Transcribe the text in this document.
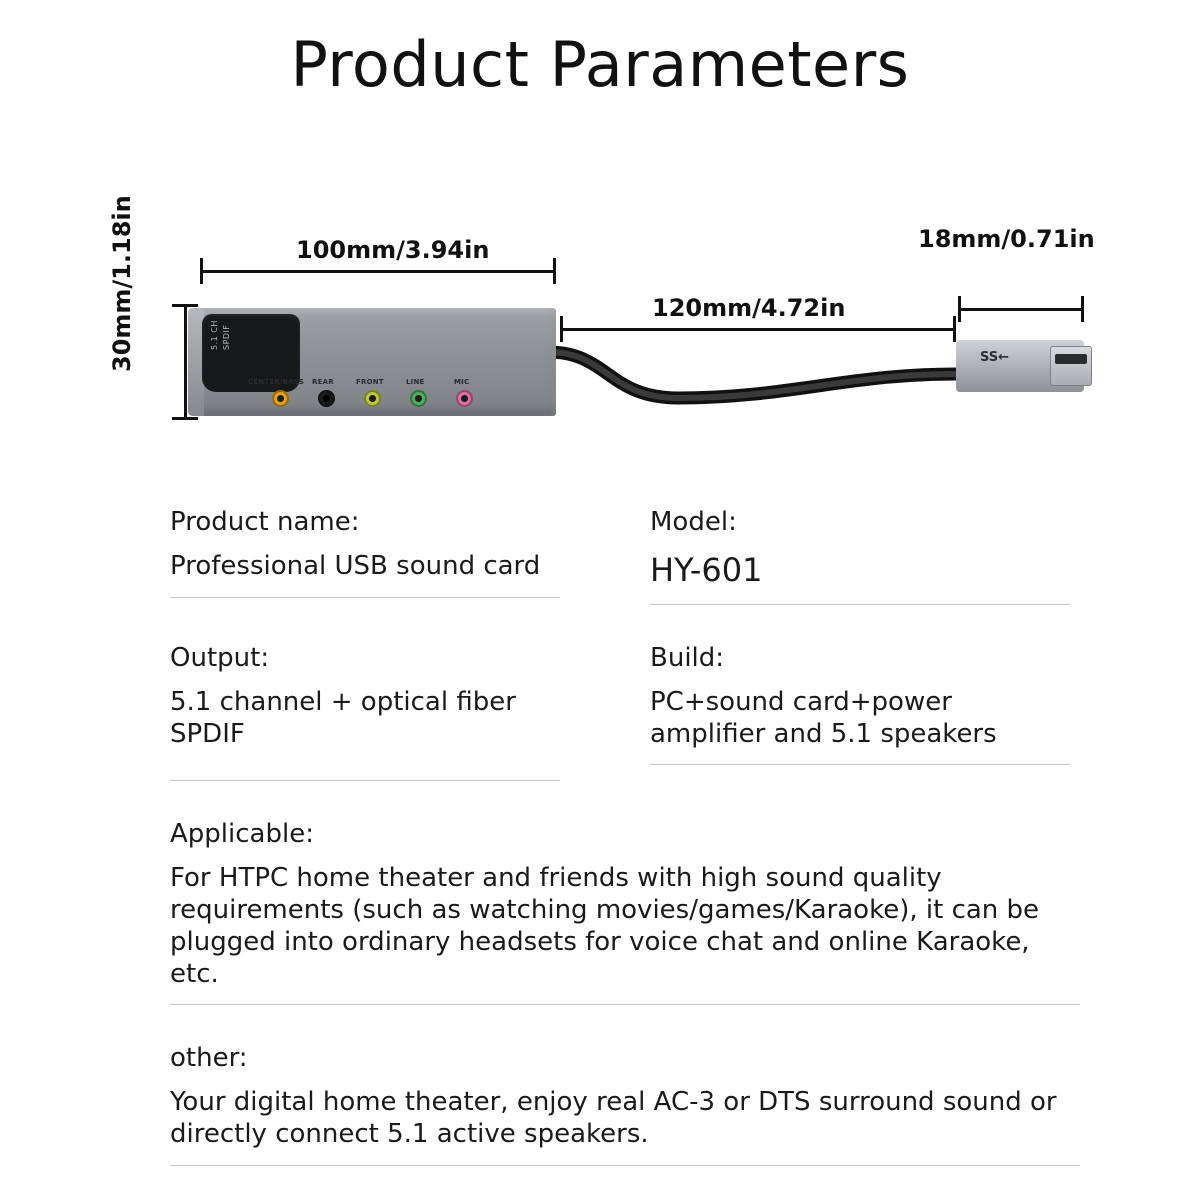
Product Parameters
100mm/3.94in
30mm/1.18in	120mm/4.72in
18mm/0.71in
5.1 CH SPDIF
CENTER/BASS REAR	FRONT	LINE	MIC
SS←
Product name:
Professional USB sound card
Model:
HY-601
Output:
5.1 channel + optical fiber SPDIF
Build:
PC+sound card+power amplifier and 5.1 speakers
Applicable:
For HTPC home theater and friends with high sound quality requirements (such as watching movies/games/Karaoke), it can be plugged into ordinary headsets for voice chat and online Karaoke, etc.
other:
Your digital home theater, enjoy real AC-3 or DTS surround sound or directly connect 5.1 active speakers.
